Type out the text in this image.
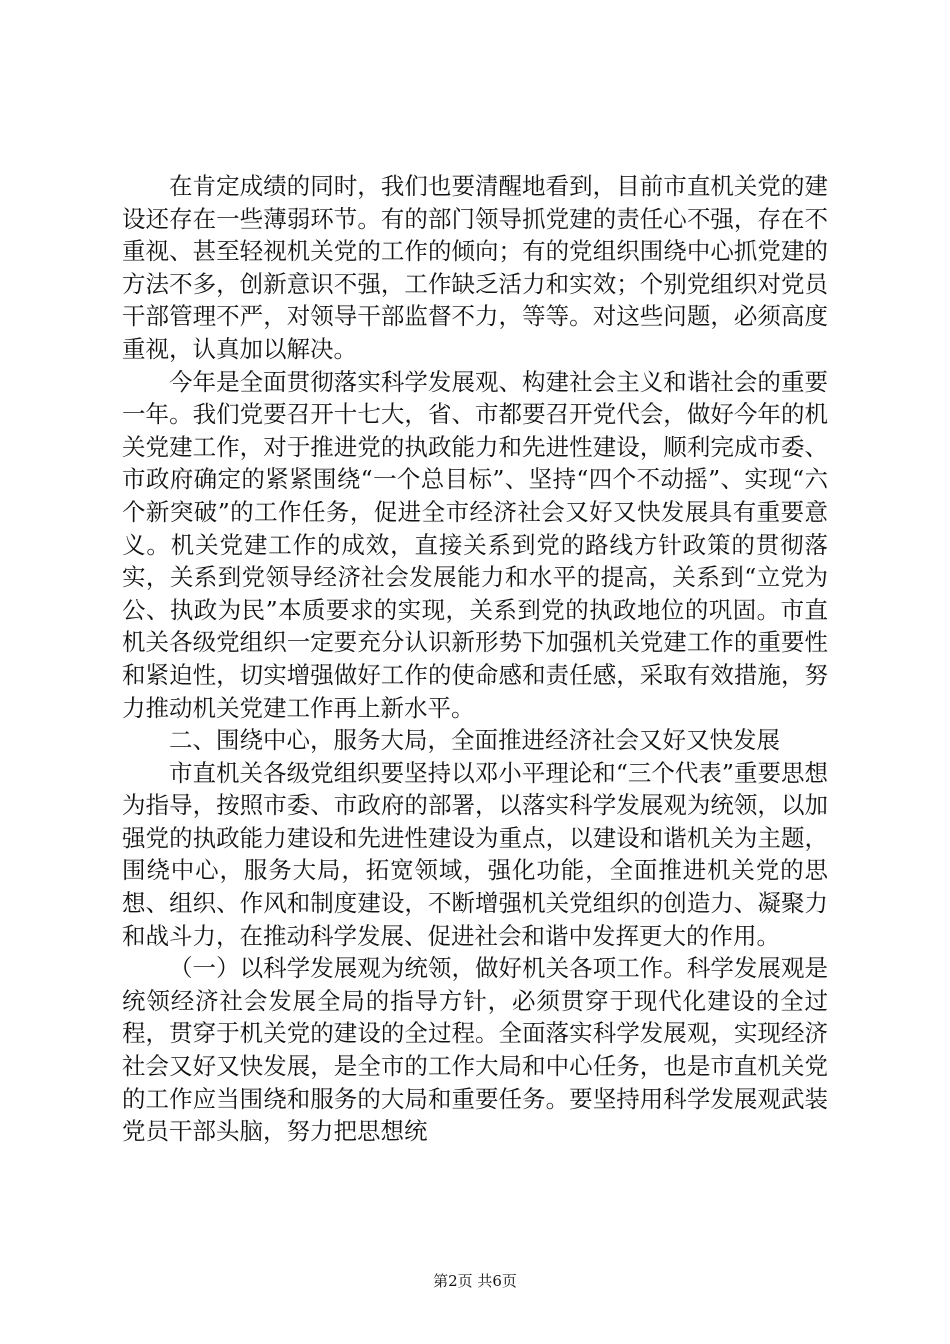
在肯定成绩的同时，我们也要清醒地看到，目前市直机关党的建设还存在一些薄弱环节。有的部门领导抓党建的责任心不强，存在不重视、甚至轻视机关党的工作的倾向；有的党组织围绕中心抓党建的方法不多，创新意识不强，工作缺乏活力和实效；个别党组织对党员干部管理不严，对领导干部监督不力，等等。对这些问题，必须高度重视，认真加以解决。

今年是全面贯彻落实科学发展观、构建社会主义和谐社会的重要一年。我们党要召开十七大，省、市都要召开党代会，做好今年的机关党建工作，对于推进党的执政能力和先进性建设，顺利完成市委、市政府确定的紧紧围绕“一个总目标”、坚持“四个不动摇”、实现“六个新突破”的工作任务，促进全市经济社会又好又快发展具有重要意义。机关党建工作的成效，直接关系到党的路线方针政策的贯彻落实，关系到党领导经济社会发展能力和水平的提高，关系到“立党为公、执政为民”本质要求的实现，关系到党的执政地位的巩固。市直机关各级党组织一定要充分认识新形势下加强机关党建工作的重要性和紧迫性，切实增强做好工作的使命感和责任感，采取有效措施，努力推动机关党建工作再上新水平。

二、围绕中心，服务大局，全面推进经济社会又好又快发展

市直机关各级党组织要坚持以邓小平理论和“三个代表”重要思想为指导，按照市委、市政府的部署，以落实科学发展观为统领，以加强党的执政能力建设和先进性建设为重点，以建设和谐机关为主题，围绕中心，服务大局，拓宽领域，强化功能，全面推进机关党的思想、组织、作风和制度建设，不断增强机关党组织的创造力、凝聚力和战斗力，在推动科学发展、促进社会和谐中发挥更大的作用。

（一）以科学发展观为统领，做好机关各项工作。科学发展观是统领经济社会发展全局的指导方针，必须贯穿于现代化建设的全过程，贯穿于机关党的建设的全过程。全面落实科学发展观，实现经济社会又好又快发展，是全市的工作大局和中心任务，也是市直机关党的工作应当围绕和服务的大局和重要任务。要坚持用科学发展观武装党员干部头脑，努力把思想统

第2页 共6页
